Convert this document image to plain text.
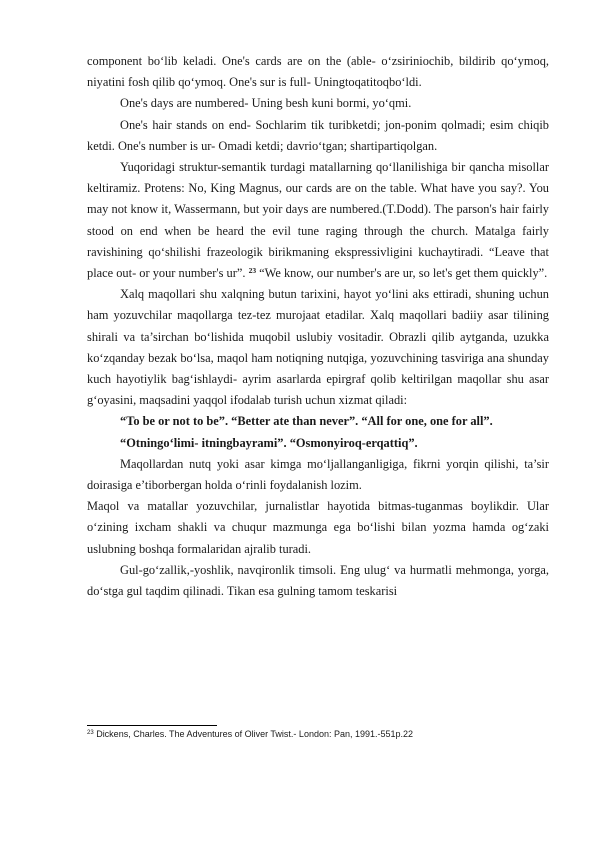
component bo‘lib keladi. One's cards are on the (able- o‘zsiriniochib, bildirib qo‘ymoq, niyatini fosh qilib qo‘ymoq. One's sur is full- Uningtoqatitoqbo‘ldi.

One's days are numbered- Uning besh kuni bormi, yo‘qmi.

One's hair stands on end- Sochlarim tik turibketdi; jon-ponim qolmadi; esim chiqib ketdi. One's number is ur- Omadi ketdi; davrio‘tgan; shartipartiqolgan.

Yuqoridagi struktur-semantik turdagi matallarning qo‘llanilishiga bir qancha misollar keltiramiz. Protens: No, King Magnus, our cards are on the table. What have you say?. You may not know it, Wassermann, but yoir days are numbered.(T.Dodd). The parson's hair fairly stood on end when be heard the evil tune raging through the church. Matalga fairly ravishining qo‘shilishi frazeologik birikmaning ekspressivligini kuchaytiradi. “Leave that place out- or your number's ur”. $^{23}$ “We know, our number's are ur, so let's get them quickly”.

Xalq maqollari shu xalqning butun tarixini, hayot yo‘lini aks ettiradi, shuning uchun ham yozuvchilar maqollarga tez-tez murojaat etadilar. Xalq maqollari badiiy asar tilining shirali va ta’sirchan bo‘lishida muqobil uslubiy vositadir. Obrazli qilib aytganda, uzukka ko‘zqanday bezak bo‘lsa, maqol ham notiqning nutqiga, yozuvchining tasviriga ana shunday kuch hayotiylik bag‘ishlaydi- ayrim asarlarda epirgraf qolib keltirilgan maqollar shu asar g‘oyasini, maqsadini yaqqol ifodalab turish uchun xizmat qiladi:

“To be or not to be”. “Better ate than never”. “All for one, one for all”.

“Otningo‘limi- itningbayrami”. “Osmonyiroq-erqattiq”.

Maqollardan nutq yoki asar kimga mo‘ljallanganligiga, fikrni yorqin qilishi, ta’sir doirasiga e’tiborbergan holda o‘rinli foydalanish lozim.

Maqol va matallar yozuvchilar, jurnalistlar hayotida bitmas-tuganmas boylikdir. Ular o‘zining ixcham shakli va chuqur mazmunga ega bo‘lishi bilan yozma hamda og‘zaki uslubning boshqa formalaridan ajralib turadi.

Gul-go‘zallik,-yoshlik, navqironlik timsoli. Eng ulug‘ va hurmatli mehmonga, yorga, do‘stga gul taqdim qilinadi. Tikan esa gulning tamom teskarisi

$^{23}$ Dickens, Charles. The Adventures of Oliver Twist.- London: Pan, 1991.-551p.22
